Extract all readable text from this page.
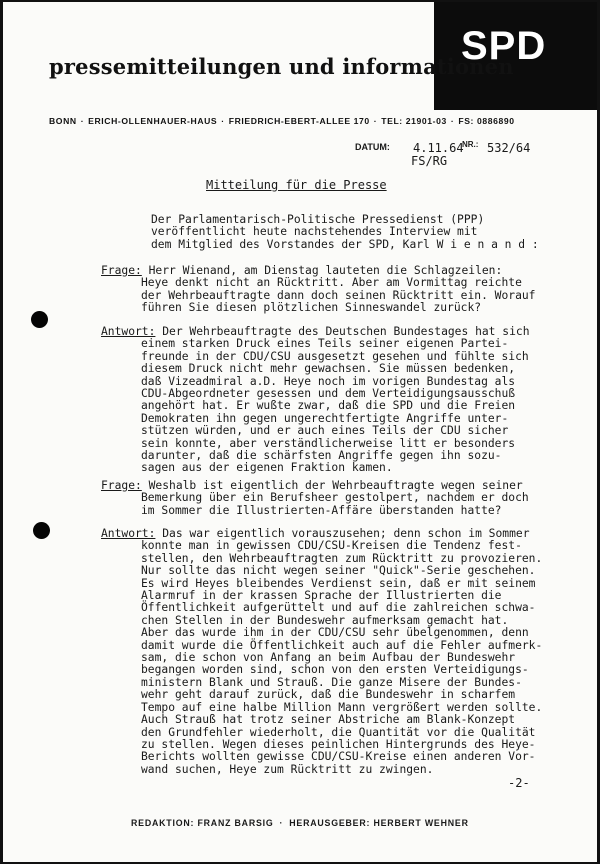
SPD
pressemitteilungen und informationen
BONN · ERICH-OLLENHAUER-HAUS · FRIEDRICH-EBERT-ALLEE 170 · TEL: 21901-03 · FS: 0886890
DATUM: 4.11.64
NR.: 532/64
FS/RG
Mitteilung für die Presse
Der Parlamentarisch-Politische Pressedienst (PPP)
veröffentlicht heute nachstehendes Interview mit
dem Mitglied des Vorstandes der SPD, Karl W i e n a n d :
Frage: Herr Wienand, am Dienstag lauteten die Schlagzeilen:
Heye denkt nicht an Rücktritt. Aber am Vormittag reichte
der Wehrbeauftragte dann doch seinen Rücktritt ein. Worauf
führen Sie diesen plötzlichen Sinneswandel zurück?
Antwort: Der Wehrbeauftragte des Deutschen Bundestages hat sich
einem starken Druck eines Teils seiner eigenen Partei-
freunde in der CDU/CSU ausgesetzt gesehen und fühlte sich
diesem Druck nicht mehr gewachsen. Sie müssen bedenken,
daß Vizeadmiral a.D. Heye noch im vorigen Bundestag als
CDU-Abgeordneter gesessen und dem Verteidigungsausschuß
angehört hat. Er wußte zwar, daß die SPD und die Freien
Demokraten ihn gegen ungerechtfertigte Angriffe unter-
stützen würden, und er auch eines Teils der CDU sicher
sein konnte, aber verständlicherweise litt er besonders
darunter, daß die schärfsten Angriffe gegen ihn sozu-
sagen aus der eigenen Fraktion kamen.
Frage: Weshalb ist eigentlich der Wehrbeauftragte wegen seiner
Bemerkung über ein Berufsheer gestolpert, nachdem er doch
im Sommer die Illustrierten-Affäre überstanden hatte?
Antwort: Das war eigentlich vorauszusehen; denn schon im Sommer
konnte man in gewissen CDU/CSU-Kreisen die Tendenz fest-
stellen, den Wehrbeauftragten zum Rücktritt zu provozieren.
Nur sollte das nicht wegen seiner "Quick"-Serie geschehen.
Es wird Heyes bleibendes Verdienst sein, daß er mit seinem
Alarmruf in der krassen Sprache der Illustrierten die
Öffentlichkeit aufgerüttelt und auf die zahlreichen schwa-
chen Stellen in der Bundeswehr aufmerksam gemacht hat.
Aber das wurde ihm in der CDU/CSU sehr übelgenommen, denn
damit wurde die Öffentlichkeit auch auf die Fehler aufmerk-
sam, die schon von Anfang an beim Aufbau der Bundeswehr
begangen worden sind, schon von den ersten Verteidigungs-
ministern Blank und Strauß. Die ganze Misere der Bundes-
wehr geht darauf zurück, daß die Bundeswehr in scharfem
Tempo auf eine halbe Million Mann vergrößert werden sollte.
Auch Strauß hat trotz seiner Abstriche am Blank-Konzept
den Grundfehler wiederholt, die Quantität vor die Qualität
zu stellen. Wegen dieses peinlichen Hintergrunds des Heye-
Berichts wollten gewisse CDU/CSU-Kreise einen anderen Vor-
wand suchen, Heye zum Rücktritt zu zwingen.
-2-
REDAKTION: FRANZ BARSIG · HERAUSGEBER: HERBERT WEHNER
